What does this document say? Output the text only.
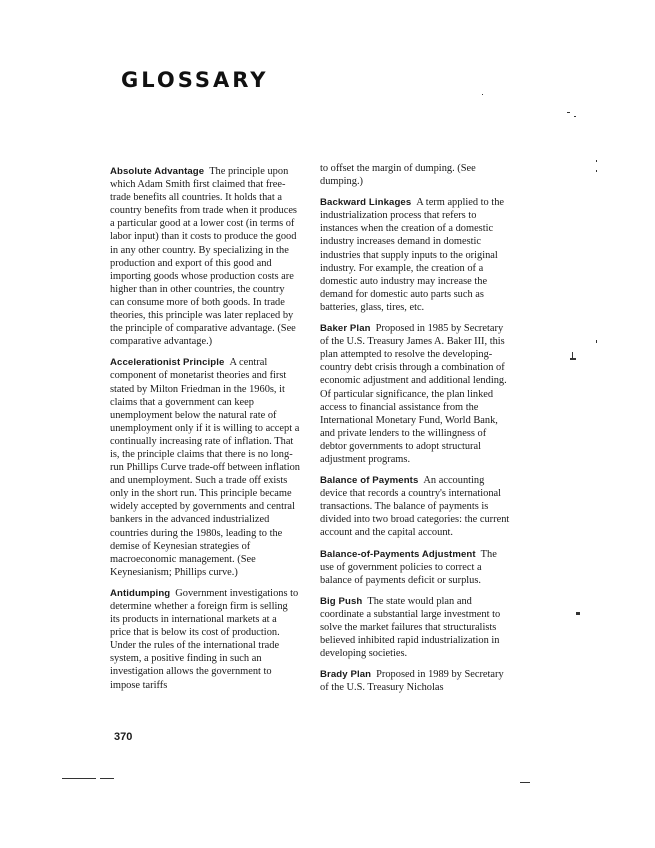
GLOSSARY

Absolute Advantage The principle upon which Adam Smith first claimed that free-trade benefits all countries. It holds that a country benefits from trade when it produces a particular good at a lower cost (in terms of labor input) than it costs to produce the good in any other country. By specializing in the production and export of this good and importing goods whose production costs are higher than in other countries, the country can consume more of both goods. In trade theories, this principle was later replaced by the principle of comparative advantage. (See comparative advantage.)

Accelerationist Principle A central component of monetarist theories and first stated by Milton Friedman in the 1960s, it claims that a government can keep unemployment below the natural rate of unemployment only if it is willing to accept a continually increasing rate of inflation. That is, the principle claims that there is no long-run Phillips Curve trade-off between inflation and unemployment. Such a trade off exists only in the short run. This principle became widely accepted by governments and central bankers in the advanced industrialized countries during the 1980s, leading to the demise of Keynesian strategies of macroeconomic management. (See Keynesianism; Phillips curve.)

Antidumping Government investigations to determine whether a foreign firm is selling its products in international markets at a price that is below its cost of production. Under the rules of the international trade system, a positive finding in such an investigation allows the government to impose tariffs

to offset the margin of dumping. (See dumping.)

Backward Linkages A term applied to the industrialization process that refers to instances when the creation of a domestic industry increases demand in domestic industries that supply inputs to the original industry. For example, the creation of a domestic auto industry may increase the demand for domestic auto parts such as batteries, glass, tires, etc.

Baker Plan Proposed in 1985 by Secretary of the U.S. Treasury James A. Baker III, this plan attempted to resolve the developing-country debt crisis through a combination of economic adjustment and additional lending. Of particular significance, the plan linked access to financial assistance from the International Monetary Fund, World Bank, and private lenders to the willingness of debtor governments to adopt structural adjustment programs.

Balance of Payments An accounting device that records a country's international transactions. The balance of payments is divided into two broad categories: the current account and the capital account.

Balance-of-Payments Adjustment The use of government policies to correct a balance of payments deficit or surplus.

Big Push The state would plan and coordinate a substantial large investment to solve the market failures that structuralists believed inhibited rapid industrialization in developing societies.

Brady Plan Proposed in 1989 by Secretary of the U.S. Treasury Nicholas

370
